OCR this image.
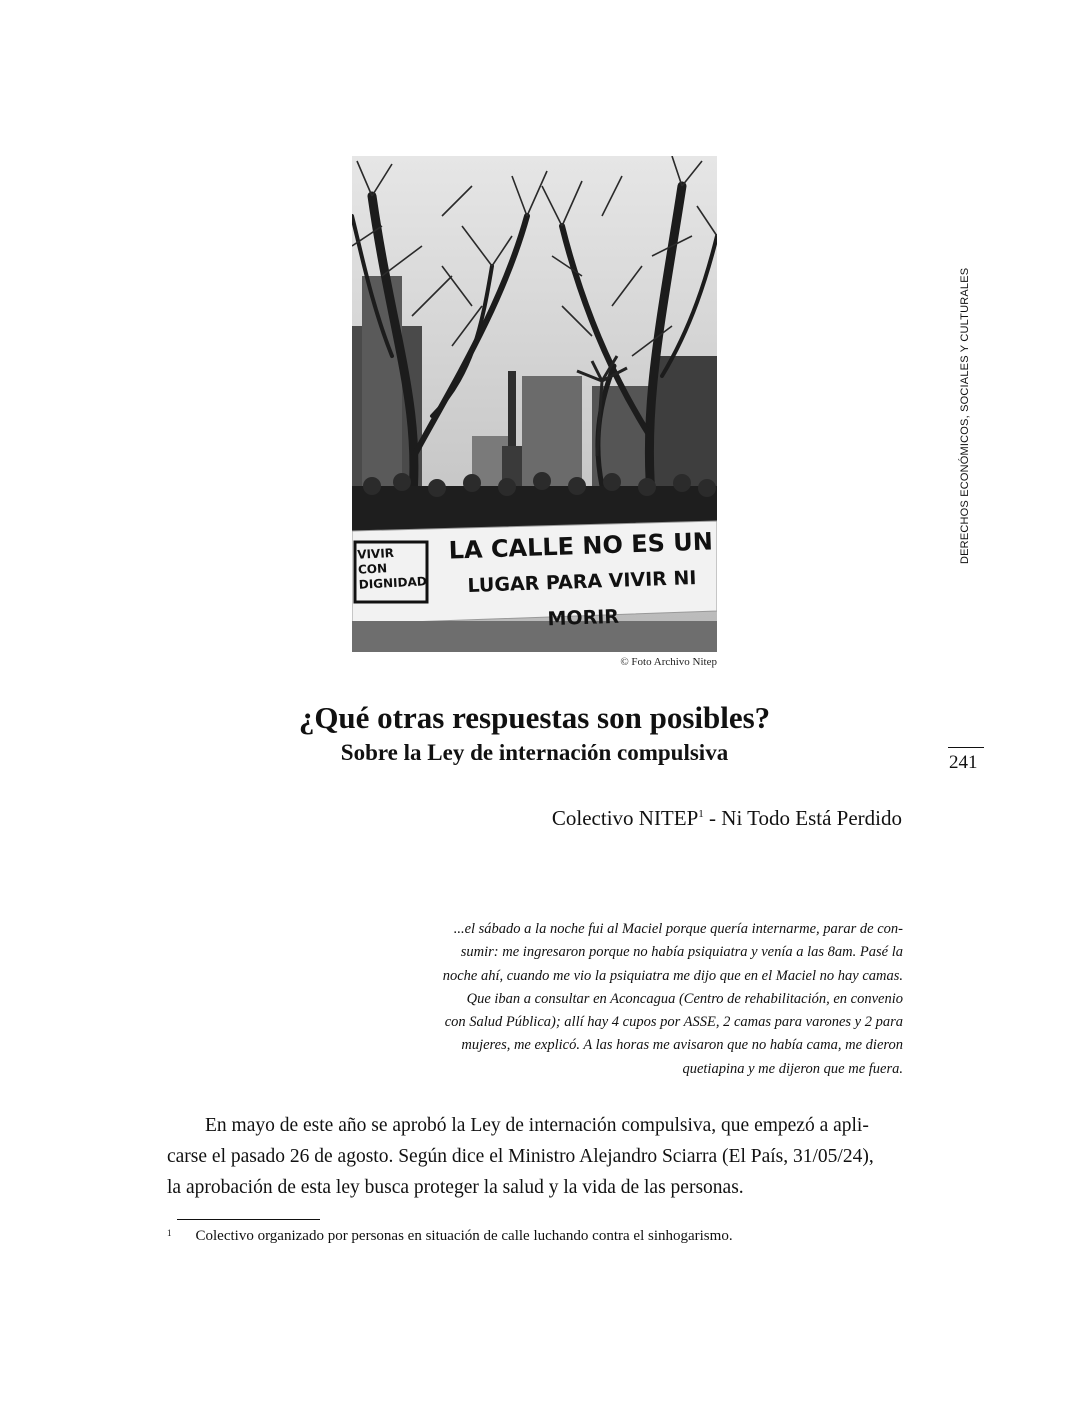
VIVIR
CON
DIGNIDAD
LA CALLE NO ES UN
LUGAR PARA VIVIR NI MORIR
© Foto Archivo Nitep
DERECHOS ECONÓMICOS, SOCIALES Y CULTURALES
241
¿Qué otras respuestas son posibles?
Sobre la Ley de internación compulsiva
Colectivo NITEP$^1$ - Ni Todo Está Perdido
...el sábado a la noche fui al Maciel porque quería internarme, parar de con-
sumir: me ingresaron porque no había psiquiatra y venía a las 8am. Pasé la
noche ahí, cuando me vio la psiquiatra me dijo que en el Maciel no hay camas.
Que iban a consultar en Aconcagua (Centro de rehabilitación, en convenio
con Salud Pública); allí hay 4 cupos por ASSE, 2 camas para varones y 2 para
mujeres, me explicó. A las horas me avisaron que no había cama, me dieron
quetiapina y me dijeron que me fuera.
En mayo de este año se aprobó la Ley de internación compulsiva, que empezó a apli-
carse el pasado 26 de agosto. Según dice el Ministro Alejandro Sciarra (El País, 31/05/24),
la aprobación de esta ley busca proteger la salud y la vida de las personas.
$^1$ Colectivo organizado por personas en situación de calle luchando contra el sinhogarismo.
